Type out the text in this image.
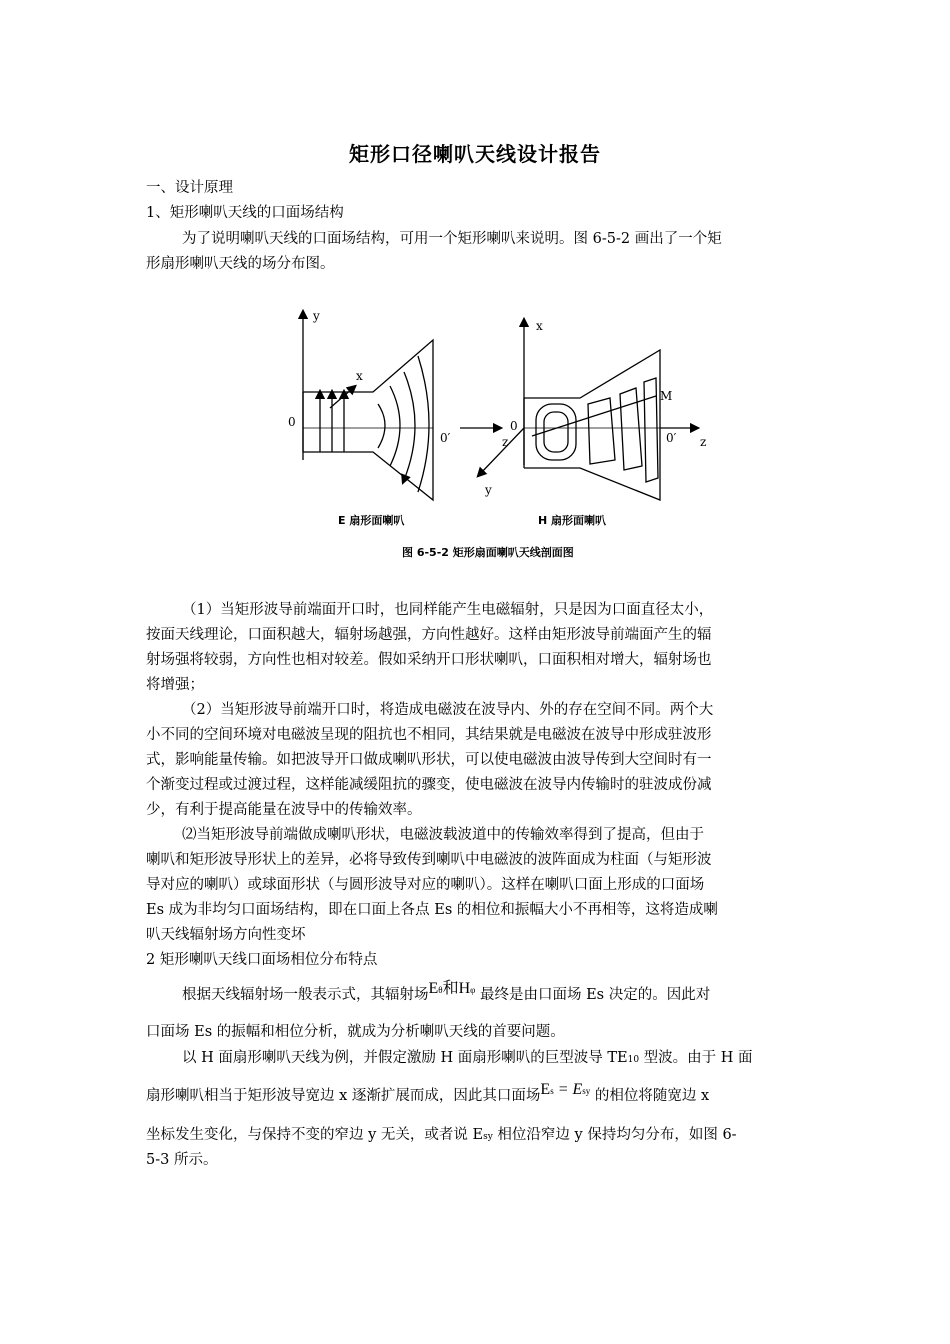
矩形口径喇叭天线设计报告
一、设计原理
1、矩形喇叭天线的口面场结构
为了说明喇叭天线的口面场结构，可用一个矩形喇叭来说明。图 6-5-2 画出了一个矩
形扇形喇叭天线的场分布图。
y
z
0
0′
x
x
z
0
0′
y
M
E 扇形面喇叭	H 扇形面喇叭
图 6-5-2 矩形扇面喇叭天线剖面图
（1）当矩形波导前端面开口时，也同样能产生电磁辐射，只是因为口面直径太小，
按面天线理论，口面积越大，辐射场越强，方向性越好。这样由矩形波导前端面产生的辐
射场强将较弱，方向性也相对较差。假如采纳开口形状喇叭，口面积相对增大，辐射场也
将增强；
（2）当矩形波导前端开口时，将造成电磁波在波导内、外的存在空间不同。两个大
小不同的空间环境对电磁波呈现的阻抗也不相同，其结果就是电磁波在波导中形成驻波形
式，影响能量传输。如把波导开口做成喇叭形状，可以使电磁波由波导传到大空间时有一
个渐变过程或过渡过程，这样能减缓阻抗的骤变，使电磁波在波导内传输时的驻波成份减
少，有利于提高能量在波导中的传输效率。
⑵当矩形波导前端做成喇叭形状，电磁波载波道中的传输效率得到了提高，但由于
喇叭和矩形波导形状上的差异，必将导致传到喇叭中电磁波的波阵面成为柱面（与矩形波
导对应的喇叭）或球面形状（与圆形波导对应的喇叭）。这样在喇叭口面上形成的口面场
Es 成为非均匀口面场结构，即在口面上各点 Es 的相位和振幅大小不再相等，这将造成喇
叭天线辐射场方向性变坏
2 矩形喇叭天线口面场相位分布特点
根据天线辐射场一般表示式，其辐射场Eθ和Hφ 最终是由口面场 Es 决定的。因此对
口面场 Es 的振幅和相位分析，就成为分析喇叭天线的首要问题。
以 H 面扇形喇叭天线为例，并假定激励 H 面扇形喇叭的巨型波导 TE10 型波。由于 H 面
扇形喇叭相当于矩形波导宽边 x 逐渐扩展而成，因此其口面场Es = Esy 的相位将随宽边 x
坐标发生变化，与保持不变的窄边 y 无关，或者说 Esy 相位沿窄边 y 保持均匀分布，如图 6-
5-3 所示。
